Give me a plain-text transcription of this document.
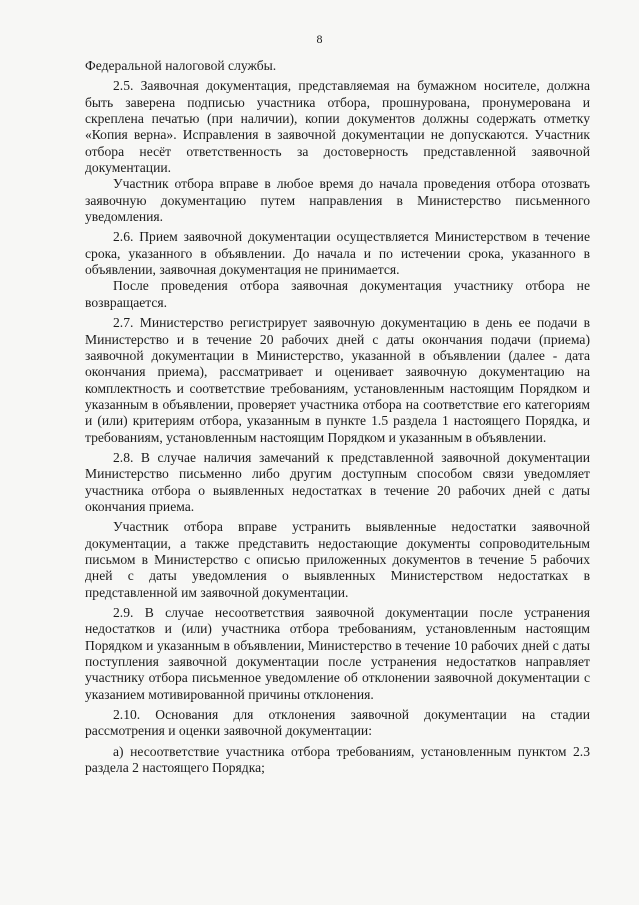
8

Федеральной налоговой службы.

2.5. Заявочная документация, представляемая на бумажном носителе, должна быть заверена подписью участника отбора, прошнурована, пронумерована и скреплена печатью (при наличии), копии документов должны содержать отметку «Копия верна». Исправления в заявочной документации не допускаются. Участник отбора несёт ответственность за достоверность представленной заявочной документации.

Участник отбора вправе в любое время до начала проведения отбора отозвать заявочную документацию путем направления в Министерство письменного уведомления.

2.6. Прием заявочной документации осуществляется Министерством в течение срока, указанного в объявлении. До начала и по истечении срока, указанного в объявлении, заявочная документация не принимается.

После проведения отбора заявочная документация участнику отбора не возвращается.

2.7. Министерство регистрирует заявочную документацию в день ее подачи в Министерство и в течение 20 рабочих дней с даты окончания подачи (приема) заявочной документации в Министерство, указанной в объявлении (далее - дата окончания приема), рассматривает и оценивает заявочную документацию на комплектность и соответствие требованиям, установленным настоящим Порядком и указанным в объявлении, проверяет участника отбора на соответствие его категориям и (или) критериям отбора, указанным в пункте 1.5 раздела 1 настоящего Порядка, и требованиям, установленным настоящим Порядком и указанным в объявлении.

2.8. В случае наличия замечаний к представленной заявочной документации Министерство письменно либо другим доступным способом связи уведомляет участника отбора о выявленных недостатках в течение 20 рабочих дней с даты окончания приема.

Участник отбора вправе устранить выявленные недостатки заявочной документации, а также представить недостающие документы сопроводительным письмом в Министерство с описью приложенных документов в течение 5 рабочих дней с даты уведомления о выявленных Министерством недостатках в представленной им заявочной документации.

2.9. В случае несоответствия заявочной документации после устранения недостатков и (или) участника отбора требованиям, установленным настоящим Порядком и указанным в объявлении, Министерство в течение 10 рабочих дней с даты поступления заявочной документации после устранения недостатков направляет участнику отбора письменное уведомление об отклонении заявочной документации с указанием мотивированной причины отклонения.

2.10. Основания для отклонения заявочной документации на стадии рассмотрения и оценки заявочной документации:

а) несоответствие участника отбора требованиям, установленным пунктом 2.3 раздела 2 настоящего Порядка;
